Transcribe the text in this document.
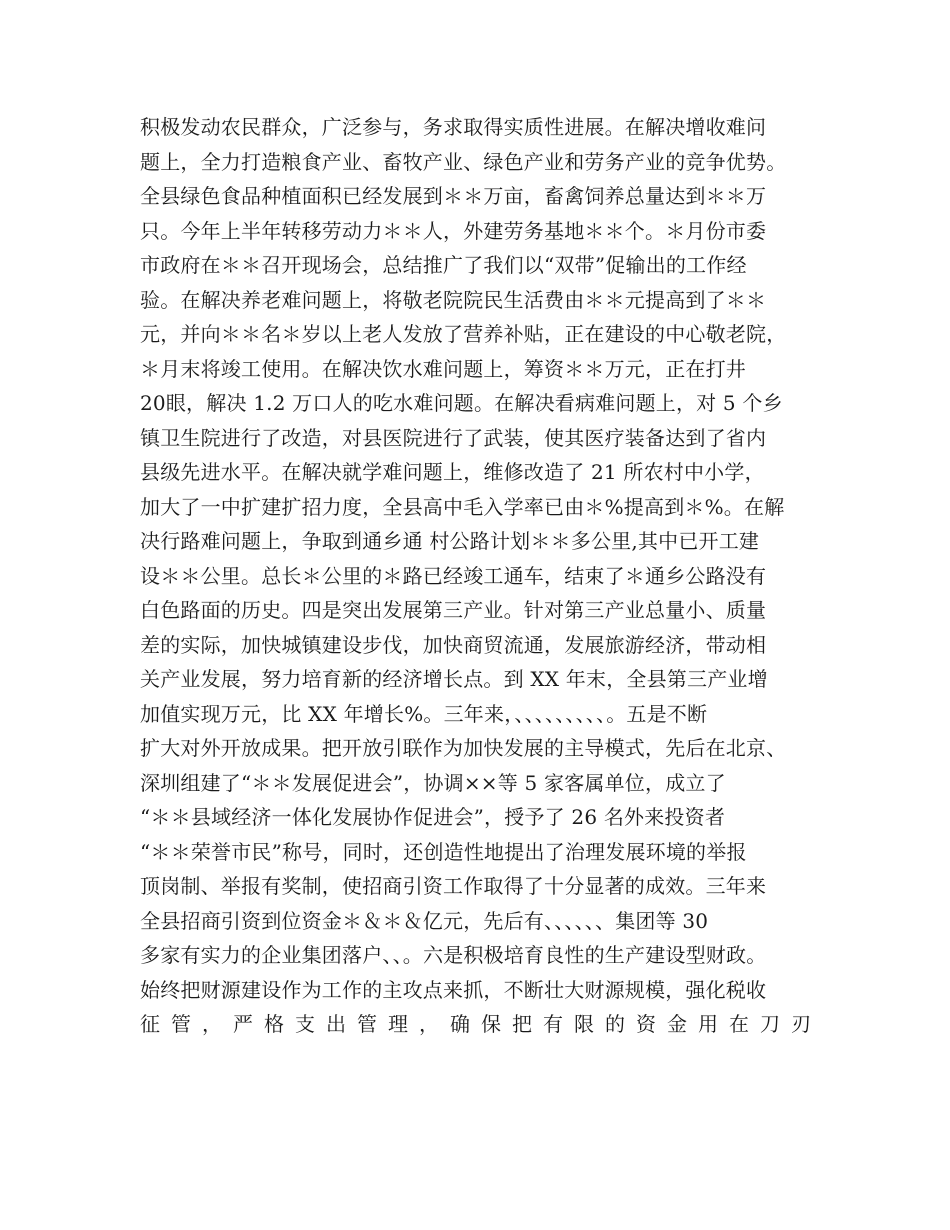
积极发动农民群众，广泛参与，务求取得实质性进展。在解决增收难问
题上，全力打造粮食产业、畜牧产业、绿色产业和劳务产业的竞争优势。
全县绿色食品种植面积已经发展到＊＊万亩，畜禽饲养总量达到＊＊万
只。今年上半年转移劳动力＊＊人，外建劳务基地＊＊个。＊月份市委
市政府在＊＊召开现场会，总结推广了我们以“双带”促输出的工作经
验。在解决养老难问题上，将敬老院院民生活费由＊＊元提高到了＊＊
元，并向＊＊名＊岁以上老人发放了营养补贴，正在建设的中心敬老院，
＊月末将竣工使用。在解决饮水难问题上，筹资＊＊万元，正在打井
20眼，解决 1.2 万口人的吃水难问题。在解决看病难问题上，对 5 个乡
镇卫生院进行了改造，对县医院进行了武装，使其医疗装备达到了省内
县级先进水平。在解决就学难问题上，维修改造了 21 所农村中小学，
加大了一中扩建扩招力度，全县高中毛入学率已由＊%提高到＊%。在解
决行路难问题上，争取到通乡通 村公路计划＊＊多公里,其中已开工建
设＊＊公里。总长＊公里的＊路已经竣工通车，结束了＊通乡公路没有
白色路面的历史。四是突出发展第三产业。针对第三产业总量小、质量
差的实际，加快城镇建设步伐，加快商贸流通，发展旅游经济，带动相
关产业发展，努力培育新的经济增长点。到 XX 年末，全县第三产业增
加值实现万元，比 XX 年增长%。三年来，、、、、、、、、、。五是不断
扩大对外开放成果。把开放引联作为加快发展的主导模式，先后在北京、
深圳组建了“＊＊发展促进会”，协调××等 5 家客属单位，成立了
“＊＊县域经济一体化发展协作促进会”，授予了 26 名外来投资者
“＊＊荣誉市民”称号，同时，还创造性地提出了治理发展环境的举报
顶岗制、举报有奖制，使招商引资工作取得了十分显著的成效。三年来
全县招商引资到位资金＊＆＊＆亿元，先后有、、、、、、集团等 30
多家有实力的企业集团落户、、。六是积极培育良性的生产建设型财政。
始终把财源建设作为工作的主攻点来抓，不断壮大财源规模，强化税收
征管，严格支出管理，确保把有限的资金用在刀刃
